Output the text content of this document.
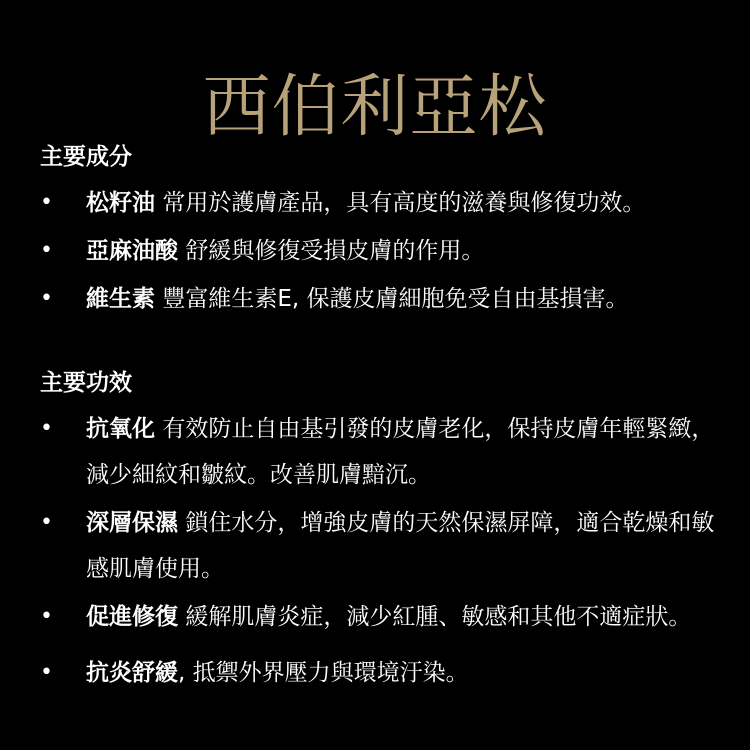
西伯利亞松
主要成分
•	松籽油 常用於護膚產品，具有高度的滋養與修復功效。
•	亞麻油酸 舒緩與修復受損皮膚的作用。
•	維生素 豐富維生素E, 保護皮膚細胞免受自由基損害。
主要功效
•	抗氧化 有效防止自由基引發的皮膚老化，保持皮膚年輕緊緻，減少細紋和皺紋。改善肌膚黯沉。
•	深層保濕 鎖住水分，增強皮膚的天然保濕屏障，適合乾燥和敏感肌膚使用。
•	促進修復 緩解肌膚炎症，減少紅腫、敏感和其他不適症狀。
•	抗炎舒緩, 抵禦外界壓力與環境汙染。
